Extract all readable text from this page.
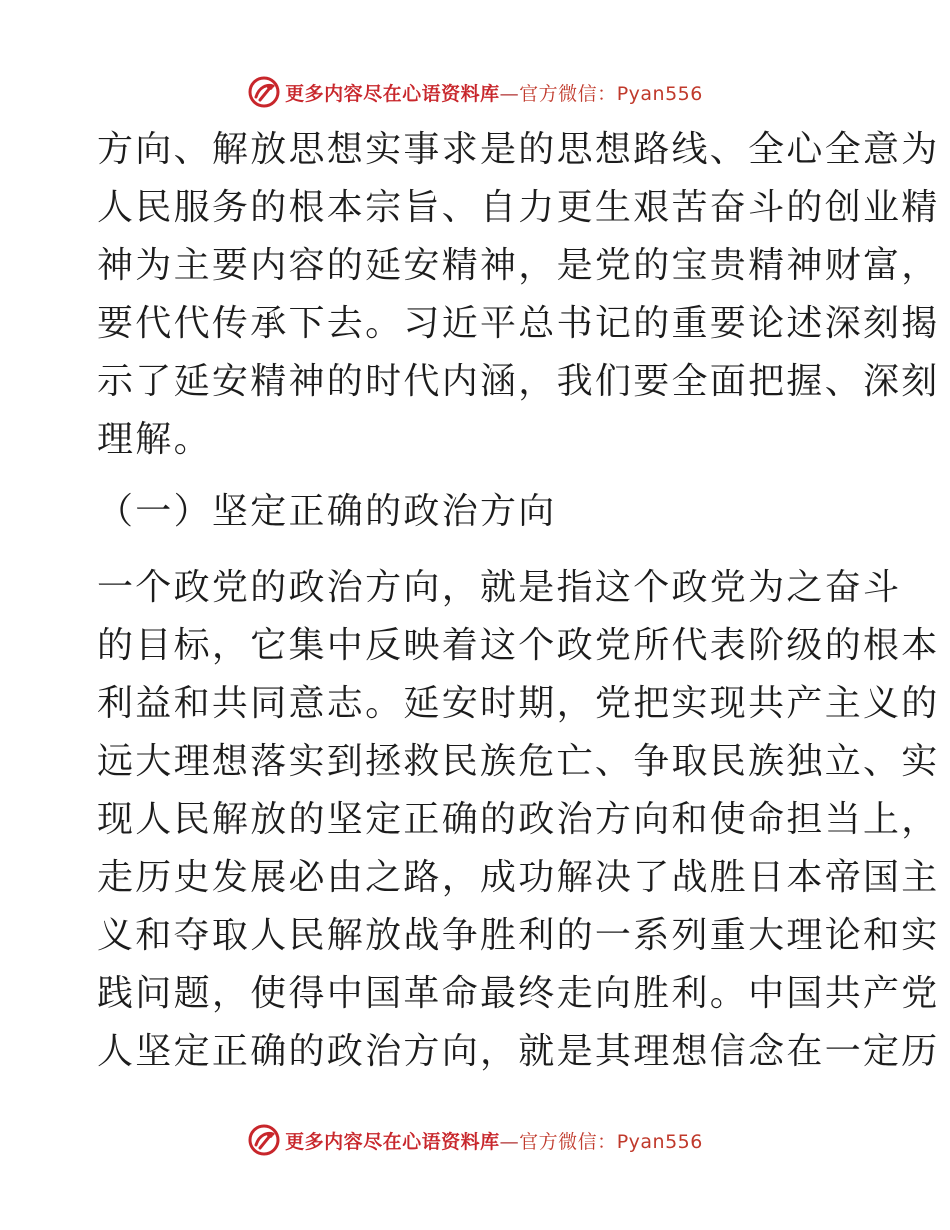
更多内容尽在心语资料库—官方微信：Pyan556
方向、解放思想实事求是的思想路线、全心全意为
人民服务的根本宗旨、自力更生艰苦奋斗的创业精
神为主要内容的延安精神，是党的宝贵精神财富，
要代代传承下去。习近平总书记的重要论述深刻揭
示了延安精神的时代内涵，我们要全面把握、深刻
理解。
（一）坚定正确的政治方向
一个政党的政治方向，就是指这个政党为之奋斗
的目标，它集中反映着这个政党所代表阶级的根本
利益和共同意志。延安时期，党把实现共产主义的
远大理想落实到拯救民族危亡、争取民族独立、实
现人民解放的坚定正确的政治方向和使命担当上，
走历史发展必由之路，成功解决了战胜日本帝国主
义和夺取人民解放战争胜利的一系列重大理论和实
践问题，使得中国革命最终走向胜利。中国共产党
人坚定正确的政治方向，就是其理想信念在一定历
更多内容尽在心语资料库—官方微信：Pyan556
